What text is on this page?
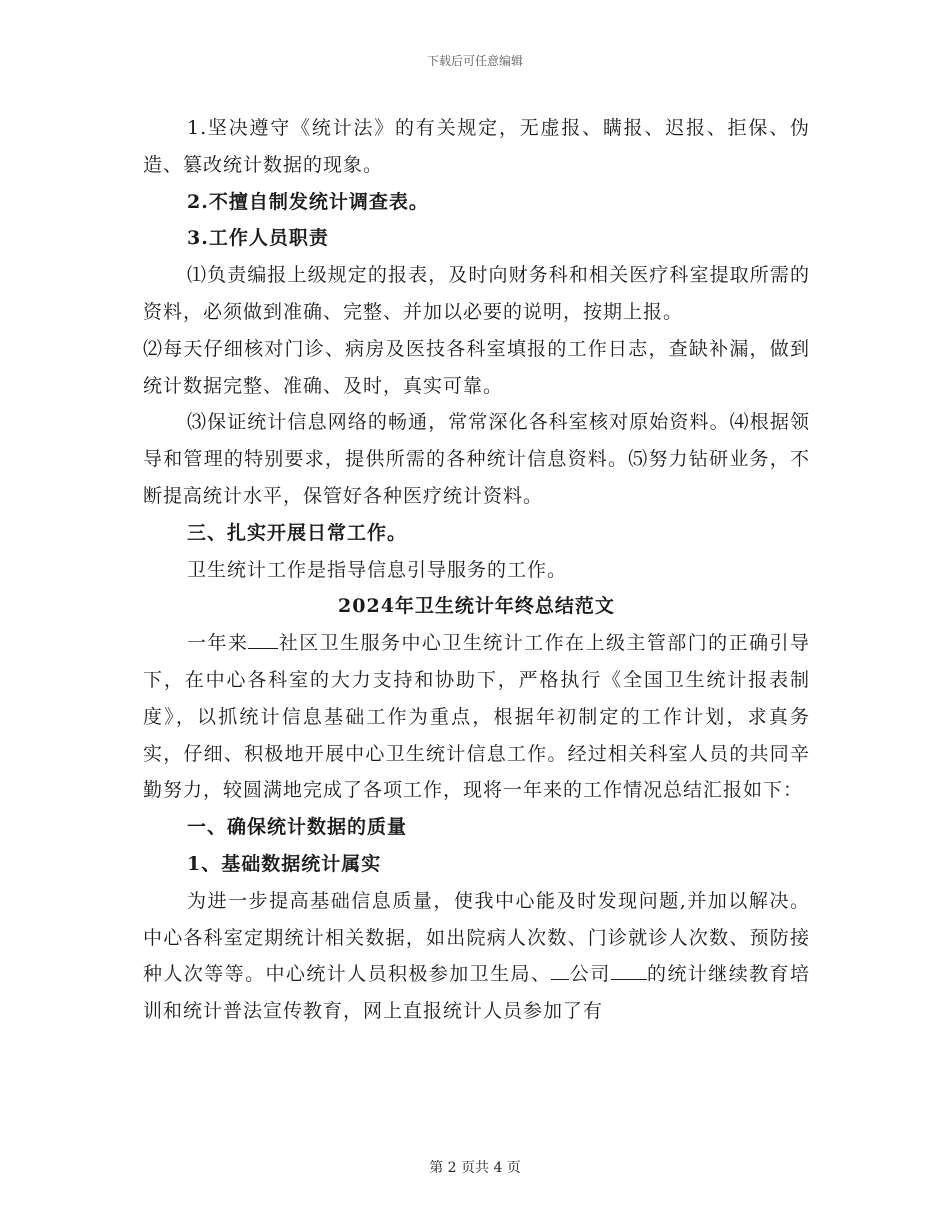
下载后可任意编辑

1.坚决遵守《统计法》的有关规定，无虚报、瞒报、迟报、拒保、伪造、篡改统计数据的现象。

2.不擅自制发统计调查表。

3.工作人员职责

⑴负责编报上级规定的报表，及时向财务科和相关医疗科室提取所需的资料，必须做到准确、完整、并加以必要的说明，按期上报。

⑵每天仔细核对门诊、病房及医技各科室填报的工作日志，查缺补漏，做到统计数据完整、准确、及时，真实可靠。

⑶保证统计信息网络的畅通，常常深化各科室核对原始资料。⑷根据领导和管理的特别要求，提供所需的各种统计信息资料。⑸努力钻研业务，不断提高统计水平，保管好各种医疗统计资料。

三、扎实开展日常工作。

卫生统计工作是指导信息引导服务的工作。

2024年卫生统计年终总结范文

一年来 社区卫生服务中心卫生统计工作在上级主管部门的正确引导下，在中心各科室的大力支持和协助下，严格执行《全国卫生统计报表制度》，以抓统计信息基础工作为重点，根据年初制定的工作计划，求真务实，仔细、积极地开展中心卫生统计信息工作。经过相关科室人员的共同辛勤努力，较圆满地完成了各项工作，现将一年来的工作情况总结汇报如下：

一、确保统计数据的质量

1、基础数据统计属实

为进一步提高基础信息质量，使我中心能及时发现问题,并加以解决。中心各科室定期统计相关数据，如出院病人次数、门诊就诊人次数、预防接种人次等等。中心统计人员积极参加卫生局、 公司 的统计继续教育培训和统计普法宣传教育，网上直报统计人员参加了有

第 2 页共 4 页
